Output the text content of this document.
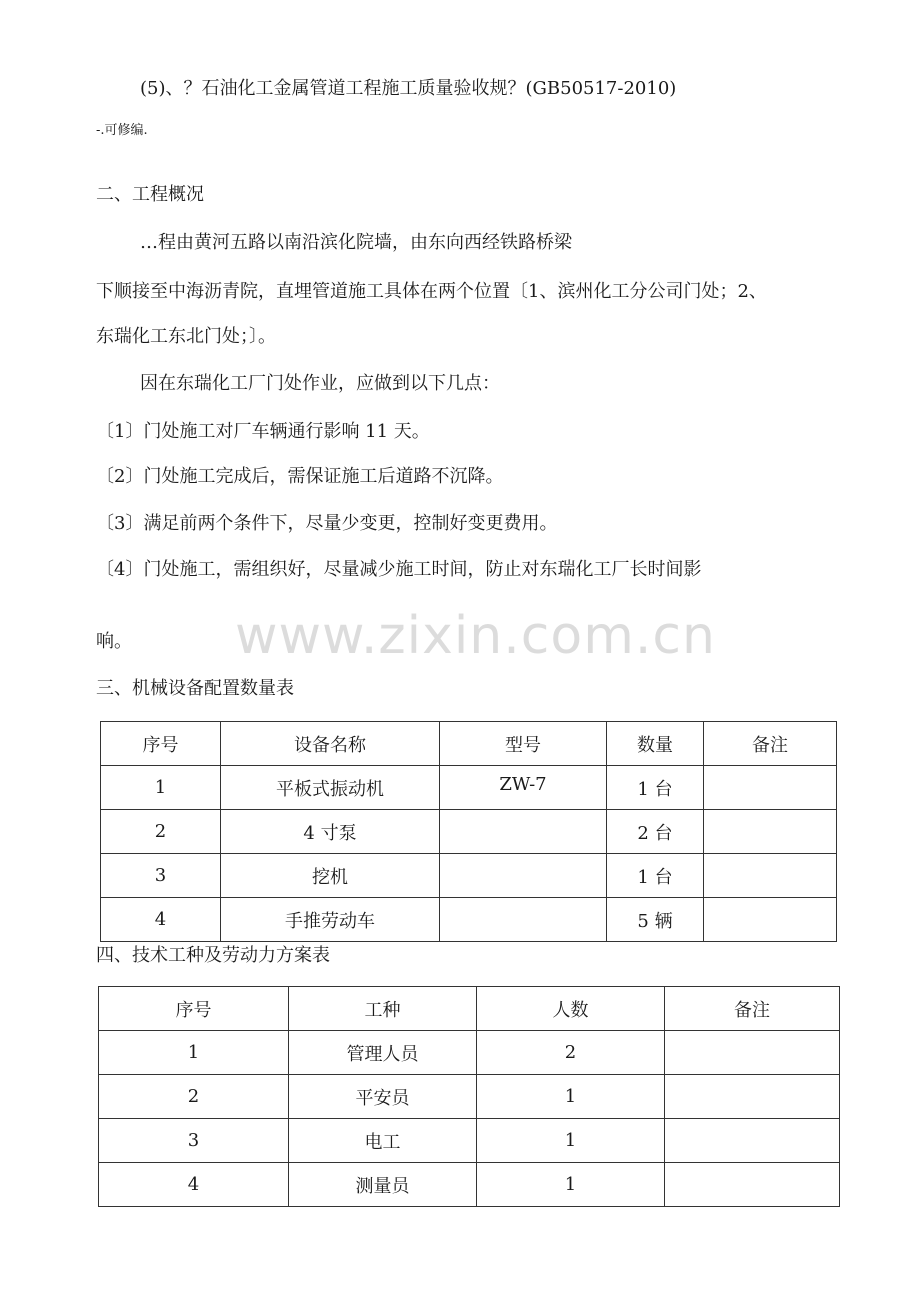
(5)、？石油化工金属管道工程施工质量验收规？(GB50517-2010)
-.可修编.
二、工程概况
…程由黄河五路以南沿滨化院墙，由东向西经铁路桥梁
下顺接至中海沥青院，直埋管道施工具体在两个位置〔1、滨州化工分公司门处；2、
东瑞化工东北门处；〕。
因在东瑞化工厂门处作业，应做到以下几点：
〔1〕门处施工对厂车辆通行影响 11 天。
〔2〕门处施工完成后，需保证施工后道路不沉降。
〔3〕满足前两个条件下，尽量少变更，控制好变更费用。
〔4〕门处施工，需组织好，尽量减少施工时间，防止对东瑞化工厂长时间影
www.zixin.com.cn
响。
三、机械设备配置数量表
序号	设备名称	型号	数量	备注
1	平板式振动机	ZW-7	1 台	
2	4 寸泵		2 台	
3	挖机		1 台	
4	手推劳动车		5 辆	
四、技术工种及劳动力方案表
序号	工种	人数	备注
1	管理人员	2	
2	平安员	1	
3	电工	1	
4	测量员	1	
